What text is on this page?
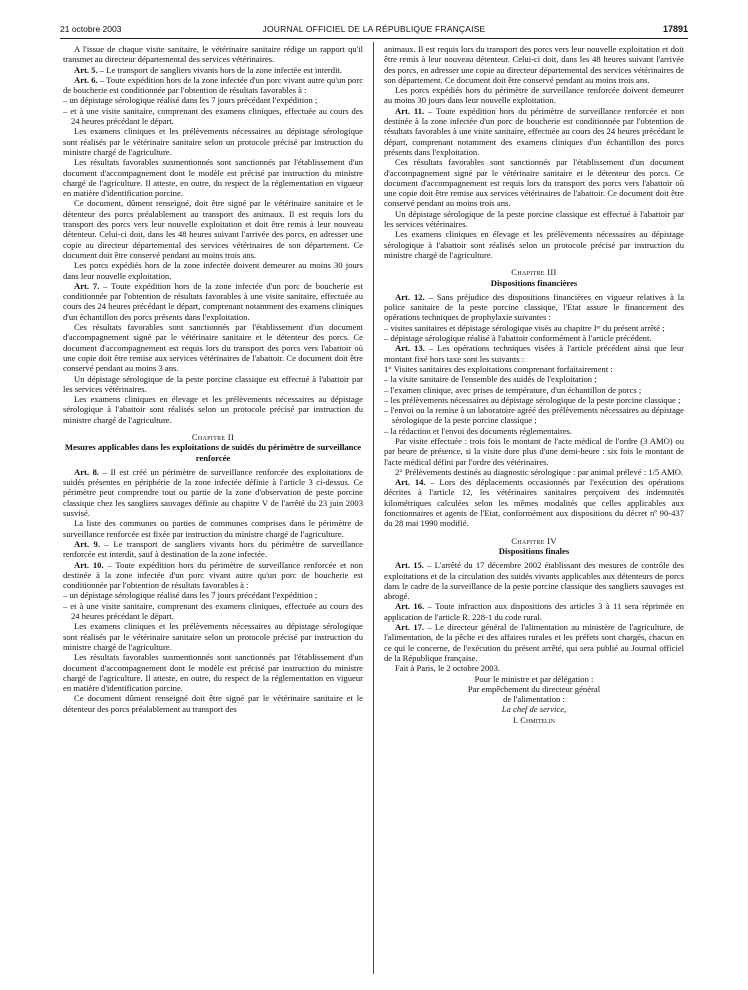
21 octobre 2003	JOURNAL OFFICIEL DE LA RÉPUBLIQUE FRANÇAISE	17891

A l'issue de chaque visite sanitaire, le vétérinaire sanitaire rédige un rapport qu'il transmet au directeur départemental des services vétérinaires.

Art. 5. – Le transport de sangliers vivants hors de la zone infectée est interdit.

Art. 6. – Toute expédition hors de la zone infectée d'un porc vivant autre qu'un porc de boucherie est conditionnée par l'obtention de résultats favorables à :

– un dépistage sérologique réalisé dans les 7 jours précédant l'expédition ;

– et à une visite sanitaire, comprenant des examens cliniques, effectuée au cours des 24 heures précédant le départ.

Les examens cliniques et les prélèvements nécessaires au dépistage sérologique sont réalisés par le vétérinaire sanitaire selon un protocole précisé par instruction du ministre chargé de l'agriculture.

Les résultats favorables susmentionnés sont sanctionnés par l'établissement d'un document d'accompagnement dont le modèle est précisé par instruction du ministre chargé de l'agriculture. Il atteste, en outre, du respect de la réglementation en vigueur en matière d'identification porcine.

Ce document, dûment renseigné, doit être signé par le vétérinaire sanitaire et le détenteur des porcs préalablement au transport des animaux. Il est requis lors du transport des porcs vers leur nouvelle exploitation et doit être remis à leur nouveau détenteur. Celui-ci doit, dans les 48 heures suivant l'arrivée des porcs, en adresser une copie au directeur départemental des services vétérinaires de son département. Ce document doit être conservé pendant au moins trois ans.

Les porcs expédiés hors de la zone infectée doivent demeurer au moins 30 jours dans leur nouvelle exploitation.

Art. 7. – Toute expédition hors de la zone infectée d'un porc de boucherie est conditionnée par l'obtention de résultats favorables à une visite sanitaire, effectuée au cours des 24 heures précédant le départ, comprenant notamment des examens cliniques d'un échantillon des porcs présents dans l'exploitation.

Ces résultats favorables sont sanctionnés par l'établissement d'un document d'accompagnement signé par le vétérinaire sanitaire et le détenteur des porcs. Ce document d'accompagnement est requis lors du transport des porcs vers l'abattoir où une copie doit être remise aux services vétérinaires de l'abattoir. Ce document doit être conservé pendant au moins 3 ans.

Un dépistage sérologique de la peste porcine classique est effectué à l'abattoir par les services vétérinaires.

Les examens cliniques en élevage et les prélèvements nécessaires au dépistage sérologique à l'abattoir sont réalisés selon un protocole précisé par instruction du ministre chargé de l'agriculture.

Chapitre II

Mesures applicables dans les exploitations de suidés du périmètre de surveillance renforcée

Art. 8. – Il est créé un périmètre de surveillance renforcée des exploitations de suidés présentes en périphérie de la zone infectée définie à l'article 3 ci-dessus. Ce périmètre peut comprendre tout ou partie de la zone d'observation de peste porcine classique chez les sangliers sauvages définie au chapitre V de l'arrêté du 23 juin 2003 susvisé.

La liste des communes ou parties de communes comprises dans le périmètre de surveillance renforcée est fixée par instruction du ministre chargé de l'agriculture.

Art. 9. – Le transport de sangliers vivants hors du périmètre de surveillance renforcée est interdit, sauf à destination de la zone infectée.

Art. 10. – Toute expédition hors du périmètre de surveillance renforcée et non destinée à la zone infectée d'un porc vivant autre qu'un porc de boucherie est conditionnée par l'obtention de résultats favorables à :

– un dépistage sérologique réalisé dans les 7 jours précédant l'expédition ;

– et à une visite sanitaire, comprenant des examens cliniques, effectuée au cours des 24 heures précédant le départ.

Les examens cliniques et les prélèvements nécessaires au dépistage sérologique sont réalisés par le vétérinaire sanitaire selon un protocole précisé par instruction du ministre chargé de l'agriculture.

Les résultats favorables susmentionnés sont sanctionnés par l'établissement d'un document d'accompagnement dont le modèle est précisé par instruction du ministre chargé de l'agriculture. Il atteste, en outre, du respect de la réglementation en vigueur en matière d'identification porcine.

Ce document dûment renseigné doit être signé par le vétérinaire sanitaire et le détenteur des porcs préalablement au transport des

animaux. Il est requis lors du transport des porcs vers leur nouvelle exploitation et doit être remis à leur nouveau détenteur. Celui-ci doit, dans les 48 heures suivant l'arrivée des porcs, en adresser une copie au directeur départemental des services vétérinaires de son département. Ce document doit être conservé pendant au moins trois ans.

Les porcs expédiés hors du périmètre de surveillance renforcée doivent demeurer au moins 30 jours dans leur nouvelle exploitation.

Art. 11. – Toute expédition hors du périmètre de surveillance renforcée et non destinée à la zone infectée d'un porc de boucherie est conditionnée par l'obtention de résultats favorables à une visite sanitaire, effectuée au cours des 24 heures précédant le départ, comprenant notamment des examens cliniques d'un échantillon des porcs présents dans l'exploitation.

Ces résultats favorables sont sanctionnés par l'établissement d'un document d'accompagnement signé par le vétérinaire sanitaire et le détenteur des porcs. Ce document d'accompagnement est requis lors du transport des porcs vers l'abattoir où une copie doit être remise aux services vétérinaires de l'abattoir. Ce document doit être conservé pendant au moins trois ans.

Un dépistage sérologique de la peste porcine classique est effectué à l'abattoir par les services vétérinaires.

Les examens cliniques en élevage et les prélèvements nécessaires au dépistage sérologique à l'abattoir sont réalisés selon un protocole précisé par instruction du ministre chargé de l'agriculture.

Chapitre III

Dispositions financières

Art. 12. – Sans préjudice des dispositions financières en vigueur relatives à la police sanitaire de la peste porcine classique, l'Etat assure le financement des opérations techniques de prophylaxie suivantes :

– visites sanitaires et dépistage sérologique visés au chapitre Iᵉʳ du présent arrêté ;

– dépistage sérologique réalisé à l'abattoir conformément à l'article précédent.

Art. 13. – Les opérations techniques visées à l'article précédent ainsi que leur montant fixé hors taxe sont les suivants :

1° Visites sanitaires des exploitations comprenant forfaitairement :

– la visite sanitaire de l'ensemble des suidés de l'exploitation ;

– l'examen clinique, avec prises de température, d'un échantillon de porcs ;

– les prélèvements nécessaires au dépistage sérologique de la peste porcine classique ;

– l'envoi ou la remise à un laboratoire agréé des prélèvements nécessaires au dépistage sérologique de la peste porcine classique ;

– la rédaction et l'envoi des documents réglementaires.

Par visite effectuée : trois fois le montant de l'acte médical de l'ordre (3 AMO) ou par heure de présence, si la visite dure plus d'une demi-heure : six fois le montant de l'acte médical défini par l'ordre des vétérinaires.

2° Prélèvements destinés au diagnostic sérologique : par animal prélevé : 1/5 AMO.

Art. 14. – Lors des déplacements occasionnés par l'exécution des opérations décrites à l'article 12, les vétérinaires sanitaires perçoivent des indemnités kilométriques calculées selon les mêmes modalités que celles applicables aux fonctionnaires et agents de l'Etat, conformément aux dispositions du décret nº 90-437 du 28 mai 1990 modifié.

Chapitre IV

Dispositions finales

Art. 15. – L'arrêté du 17 décembre 2002 établissant des mesures de contrôle des exploitations et de la circulation des suidés vivants applicables aux détenteurs de porcs dans le cadre de la surveillance de la peste porcine classique des sangliers sauvages est abrogé.

Art. 16. – Toute infraction aux dispositions des articles 3 à 11 sera réprimée en application de l'article R. 228-1 du code rural.

Art. 17. – Le directeur général de l'alimentation au ministère de l'agriculture, de l'alimentation, de la pêche et des affaires rurales et les préfets sont chargés, chacun en ce qui le concerne, de l'exécution du présent arrêté, qui sera publié au Journal officiel de la République française.

Fait à Paris, le 2 octobre 2003.

Pour le ministre et par délégation :

Par empêchement du directeur général

de l'alimentation :

La chef de service,

I. Chmitelin
